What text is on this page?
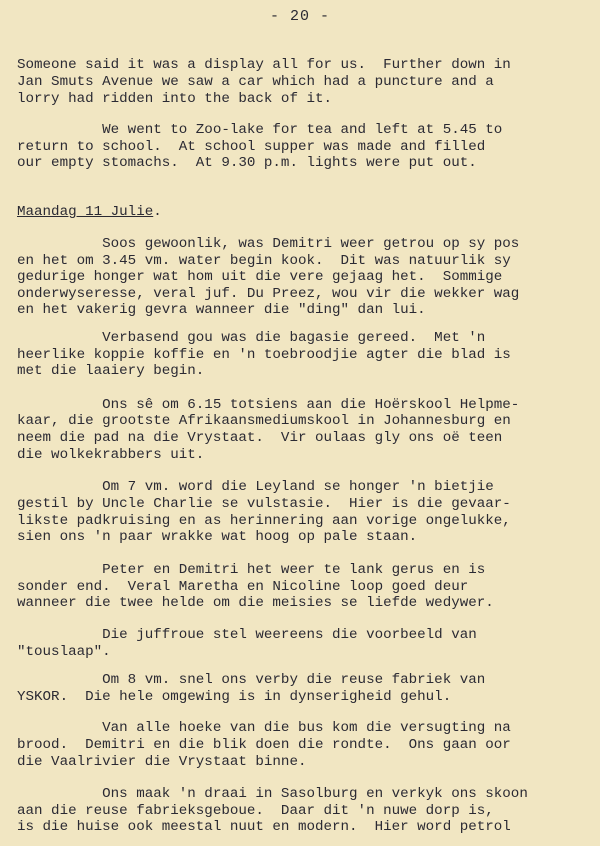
- 20 -
Someone said it was a display all for us.  Further down in
Jan Smuts Avenue we saw a car which had a puncture and a
lorry had ridden into the back of it.
We went to Zoo-lake for tea and left at 5.45 to
return to school.  At school supper was made and filled
our empty stomachs.  At 9.30 p.m. lights were put out.
Maandag 11 Julie.
Soos gewoonlik, was Demitri weer getrou op sy pos
en het om 3.45 vm. water begin kook.  Dit was natuurlik sy
gedurige honger wat hom uit die vere gejaag het.  Sommige
onderwyseresse, veral juf. Du Preez, wou vir die wekker wag
en het vakerig gevra wanneer die "ding" dan lui.
Verbasend gou was die bagasie gereed.  Met 'n
heerlike koppie koffie en 'n toebroodjie agter die blad is
met die laaiery begin.
Ons sê om 6.15 totsiens aan die Hoërskool Helpme-
kaar, die grootste Afrikaansmediumskool in Johannesburg en
neem die pad na die Vrystaat.  Vir oulaas gly ons oë teen
die wolkekrabbers uit.
Om 7 vm. word die Leyland se honger 'n bietjie
gestil by Uncle Charlie se vulstasie.  Hier is die gevaar-
likste padkruising en as herinnering aan vorige ongelukke,
sien ons 'n paar wrakke wat hoog op pale staan.
Peter en Demitri het weer te lank gerus en is
sonder end.  Veral Maretha en Nicoline loop goed deur
wanneer die twee helde om die meisies se liefde wedywer.
Die juffroue stel weereens die voorbeeld van
"touslaap".
Om 8 vm. snel ons verby die reuse fabriek van
YSKOR.  Die hele omgewing is in dynserigheid gehul.
Van alle hoeke van die bus kom die versugting na
brood.  Demitri en die blik doen die rondte.  Ons gaan oor
die Vaalrivier die Vrystaat binne.
Ons maak 'n draai in Sasolburg en verkyk ons skoon
aan die reuse fabrieksgeboue.  Daar dit 'n nuwe dorp is,
is die huise ook meestal nuut en modern.  Hier word petrol
